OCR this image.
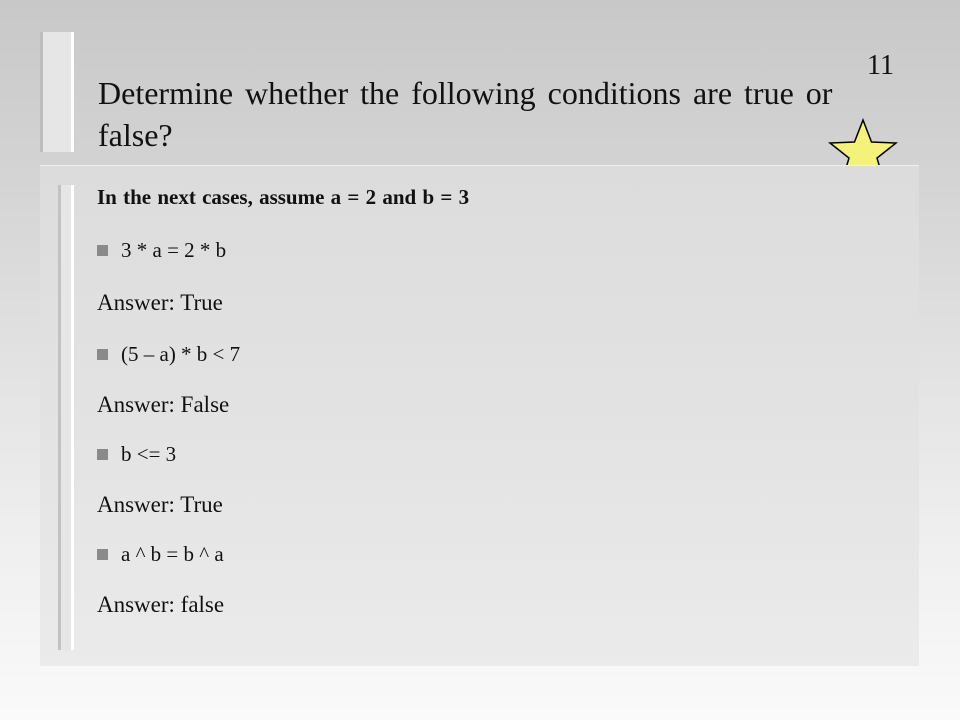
11
Determine whether the following conditions are true or false?
In the next cases, assume a = 2 and b = 3
3 * a = 2 * b
Answer: True
(5 – a) * b < 7
Answer: False
b <= 3
Answer: True
a ^ b = b ^ a
Answer: false
